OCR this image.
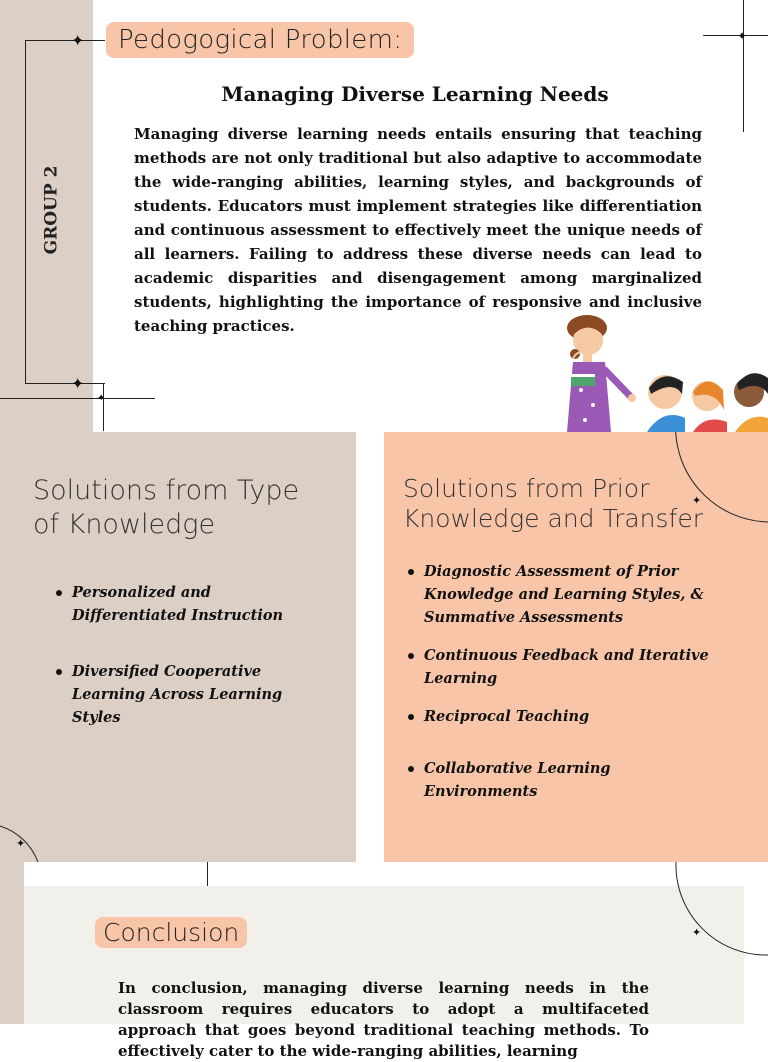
✦
✦
✦
✦
✦
✦
✦
Pedogogical Problem:
GROUP 2
Managing Diverse Learning Needs
Managing diverse learning needs entails ensuring that teaching methods are not only traditional but also adaptive to accommodate the wide-ranging abilities, learning styles, and backgrounds of students. Educators must implement strategies like differentiation and continuous assessment to effectively meet the unique needs of all learners. Failing to address these diverse needs can lead to academic disparities and disengagement among marginalized students, highlighting the importance of responsive and inclusive teaching practices.
Solutions from Type of Knowledge
Personalized and Differentiated Instruction
Diversified Cooperative Learning Across Learning Styles
Solutions from Prior Knowledge and Transfer
Diagnostic Assessment of Prior Knowledge and Learning Styles, & Summative Assessments
Continuous Feedback and Iterative Learning
Reciprocal Teaching
Collaborative Learning Environments
Conclusion
In conclusion, managing diverse learning needs in the classroom requires educators to adopt a multifaceted approach that goes beyond traditional teaching methods. To effectively cater to the wide-ranging abilities, learning
